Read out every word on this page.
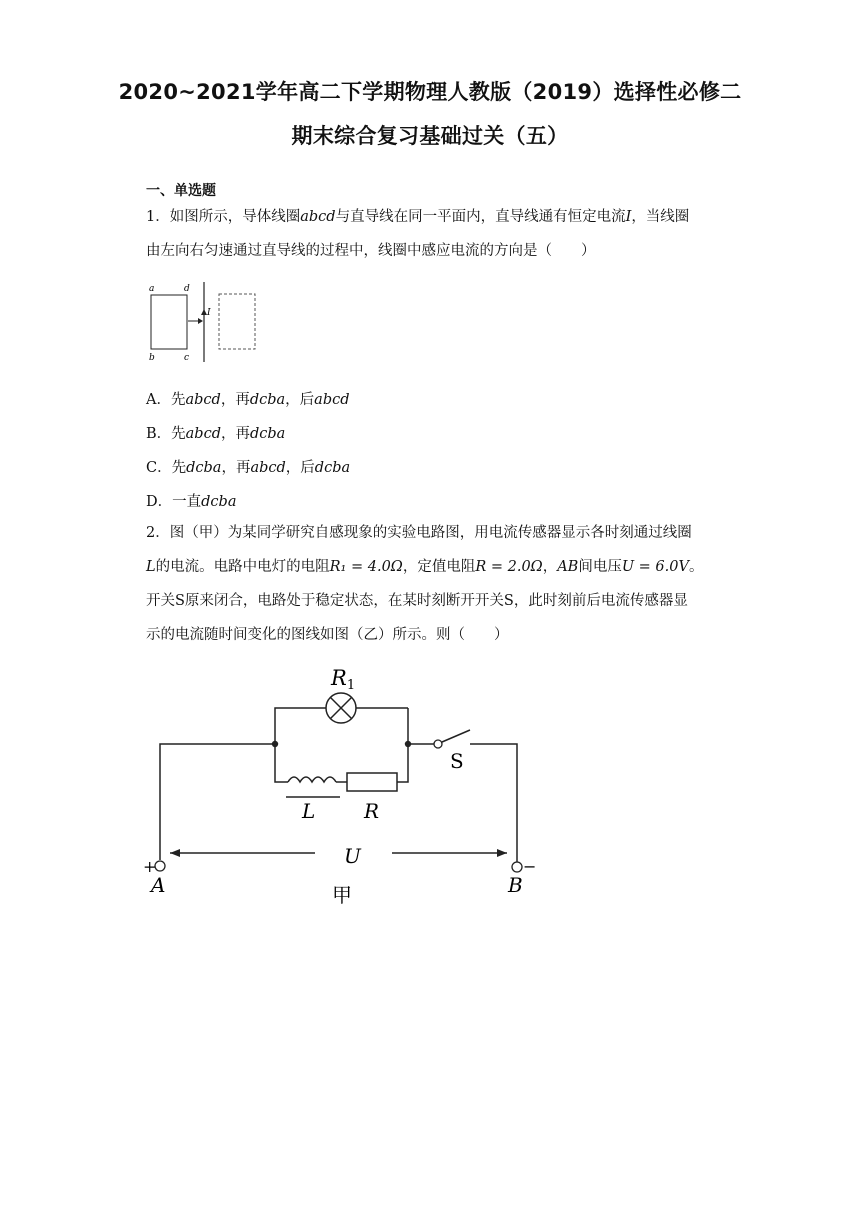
2020~2021学年高二下学期物理人教版（2019）选择性必修二
期末综合复习基础过关（五）
一、单选题
1．如图所示，导体线圈abcd与直导线在同一平面内，直导线通有恒定电流I，当线圈
由左向右匀速通过直导线的过程中，线圈中感应电流的方向是（　　）
a	d
b	c
I
A．先abcd，再dcba，后abcd
B．先abcd，再dcba
C．先dcba，再abcd，后dcba
D．一直dcba
2．图（甲）为某同学研究自感现象的实验电路图，用电流传感器显示各时刻通过线圈
L的电流。电路中电灯的电阻R₁ = 4.0Ω，定值电阻R = 2.0Ω，AB间电压U = 6.0V。
开关S原来闭合，电路处于稳定状态，在某时刻断开开关S，此时刻前后电流传感器显
示的电流随时间变化的图线如图（乙）所示。则（　　）
R1
S
L R
U
+
A
−
B
甲
